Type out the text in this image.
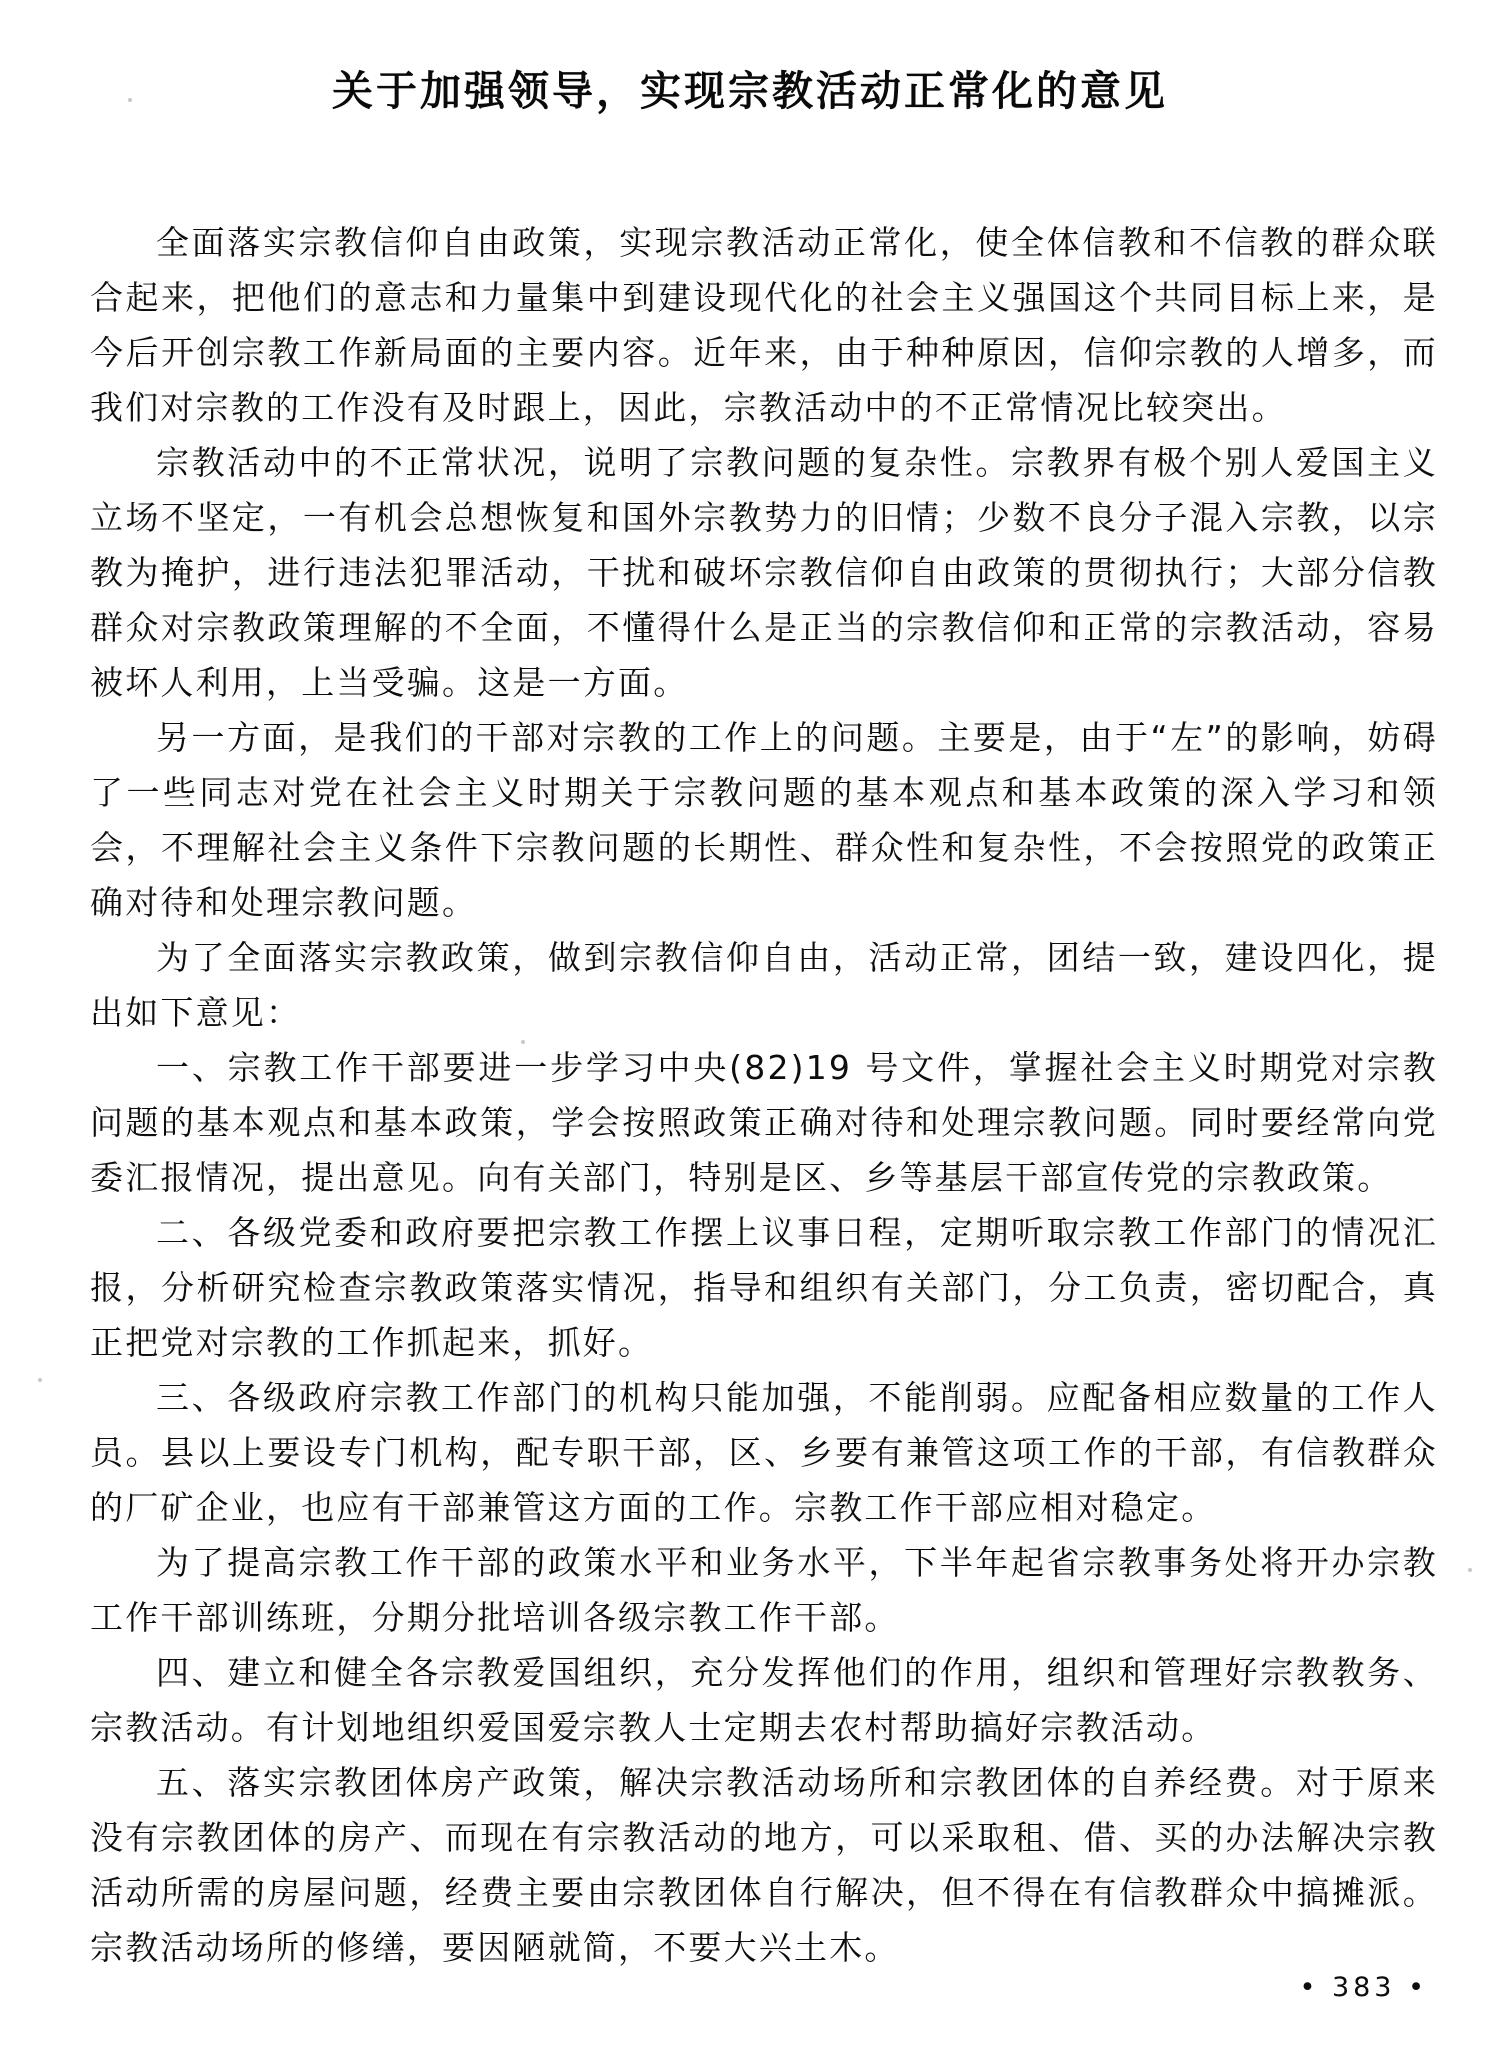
关于加强领导，实现宗教活动正常化的意见

全面落实宗教信仰自由政策，实现宗教活动正常化，使全体信教和不信教的群众联合起来，把他们的意志和力量集中到建设现代化的社会主义强国这个共同目标上来，是今后开创宗教工作新局面的主要内容。近年来，由于种种原因，信仰宗教的人增多，而我们对宗教的工作没有及时跟上，因此，宗教活动中的不正常情况比较突出。

宗教活动中的不正常状况，说明了宗教问题的复杂性。宗教界有极个别人爱国主义立场不坚定，一有机会总想恢复和国外宗教势力的旧情；少数不良分子混入宗教，以宗教为掩护，进行违法犯罪活动，干扰和破坏宗教信仰自由政策的贯彻执行；大部分信教群众对宗教政策理解的不全面，不懂得什么是正当的宗教信仰和正常的宗教活动，容易被坏人利用，上当受骗。这是一方面。

另一方面，是我们的干部对宗教的工作上的问题。主要是，由于“左”的影响，妨碍了一些同志对党在社会主义时期关于宗教问题的基本观点和基本政策的深入学习和领会，不理解社会主义条件下宗教问题的长期性、群众性和复杂性，不会按照党的政策正确对待和处理宗教问题。

为了全面落实宗教政策，做到宗教信仰自由，活动正常，团结一致，建设四化，提出如下意见：

一、宗教工作干部要进一步学习中央(82)19 号文件，掌握社会主义时期党对宗教问题的基本观点和基本政策，学会按照政策正确对待和处理宗教问题。同时要经常向党委汇报情况，提出意见。向有关部门，特别是区、乡等基层干部宣传党的宗教政策。

二、各级党委和政府要把宗教工作摆上议事日程，定期听取宗教工作部门的情况汇报，分析研究检查宗教政策落实情况，指导和组织有关部门，分工负责，密切配合，真正把党对宗教的工作抓起来，抓好。

三、各级政府宗教工作部门的机构只能加强，不能削弱。应配备相应数量的工作人员。县以上要设专门机构，配专职干部，区、乡要有兼管这项工作的干部，有信教群众的厂矿企业，也应有干部兼管这方面的工作。宗教工作干部应相对稳定。

为了提高宗教工作干部的政策水平和业务水平，下半年起省宗教事务处将开办宗教工作干部训练班，分期分批培训各级宗教工作干部。

四、建立和健全各宗教爱国组织，充分发挥他们的作用，组织和管理好宗教教务、宗教活动。有计划地组织爱国爱宗教人士定期去农村帮助搞好宗教活动。

五、落实宗教团体房产政策，解决宗教活动场所和宗教团体的自养经费。对于原来没有宗教团体的房产、而现在有宗教活动的地方，可以采取租、借、买的办法解决宗教活动所需的房屋问题，经费主要由宗教团体自行解决，但不得在有信教群众中搞摊派。宗教活动场所的修缮，要因陋就简，不要大兴土木。

• 383 •
